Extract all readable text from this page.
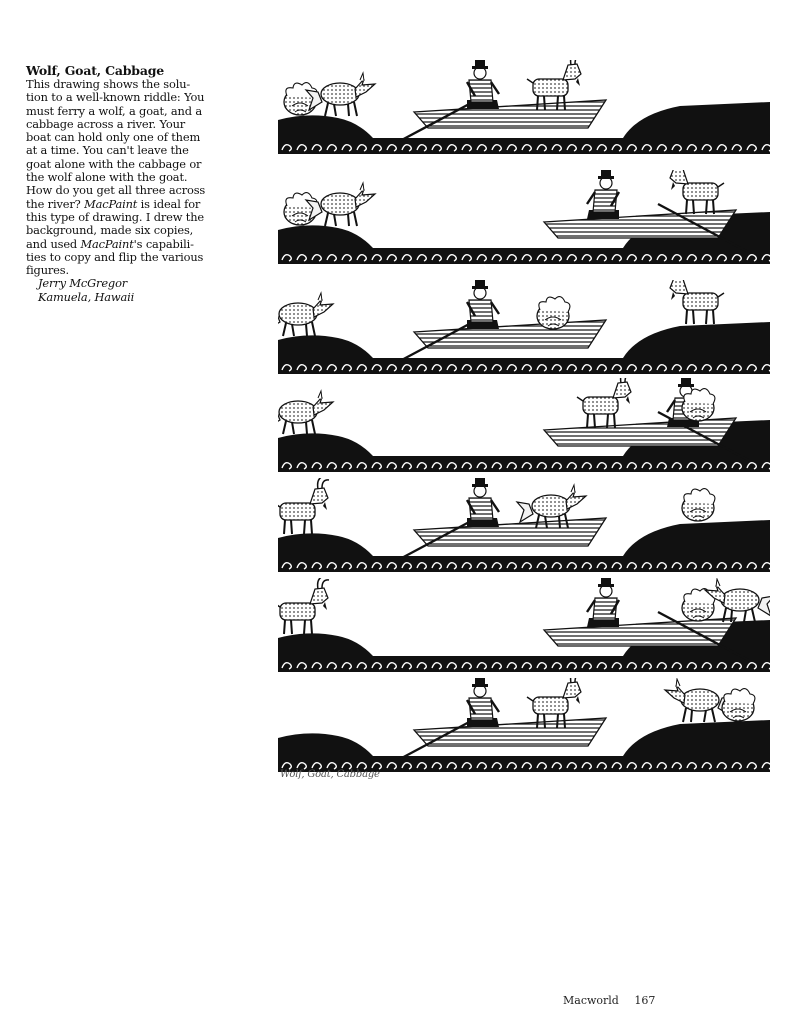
Wolf, Goat, Cabbage
This drawing shows the solu-
tion to a well-known riddle: You
must ferry a wolf, a goat, and a
cabbage across a river. Your
boat can hold only one of them
at a time. You can't leave the
goat alone with the cabbage or
the wolf alone with the goat.
How do you get all three across
the river? MacPaint is ideal for
this type of drawing. I drew the
background, made six copies,
and used MacPaint's capabili-
ties to copy and flip the various
figures.
Jerry McGregor
Kamuela, Hawaii
Wolf, Goat, Cabbage
Macworld 167
